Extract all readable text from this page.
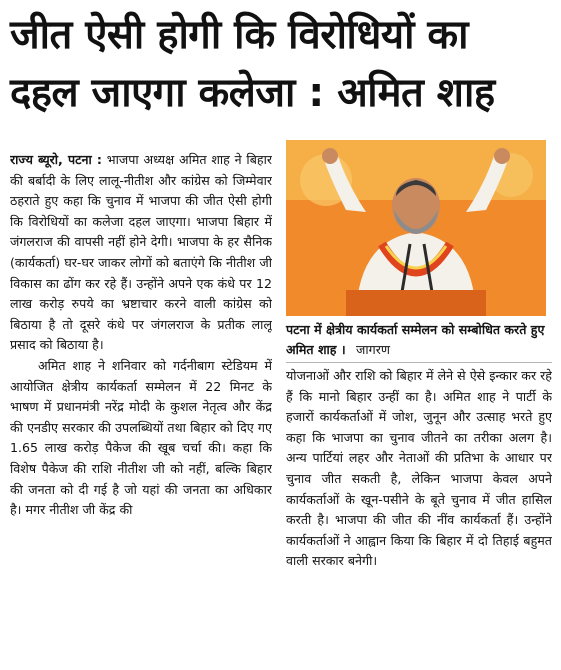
जीत ऐसी होगी कि विरोधियों का
दहल जाएगा कलेजा : अमित शाह

राज्य ब्यूरो, पटना : भाजपा अध्यक्ष अमित शाह ने बिहार की बर्बादी के लिए लालू-नीतीश और कांग्रेस को जिम्मेवार ठहराते हुए कहा कि चुनाव में भाजपा की जीत ऐसी होगी कि विरोधियों का कलेजा दहल जाएगा। भाजपा बिहार में जंगलराज की वापसी नहीं होने देगी। भाजपा के हर सैनिक (कार्यकर्ता) घर-घर जाकर लोगों को बताएंगे कि नीतीश जी विकास का ढोंग कर रहे हैं। उन्होंने अपने एक कंधे पर 12 लाख करोड़ रुपये का भ्रष्टाचार करने वाली कांग्रेस को बिठाया है तो दूसरे कंधे पर जंगलराज के प्रतीक लालू प्रसाद को बिठाया है।

अमित शाह ने शनिवार को गर्दनीबाग स्टेडियम में आयोजित क्षेत्रीय कार्यकर्ता सम्मेलन में 22 मिनट के भाषण में प्रधानमंत्री नरेंद्र मोदी के कुशल नेतृत्व और केंद्र की एनडीए सरकार की उपलब्धियों तथा बिहार को दिए गए 1.65 लाख करोड़ पैकेज की खूब चर्चा की। कहा कि विशेष पैकेज की राशि नीतीश जी को नहीं, बल्कि बिहार की जनता को दी गई है जो यहां की जनता का अधिकार है। मगर नीतीश जी केंद्र की

पटना में क्षेत्रीय कार्यकर्ता सम्मेलन को सम्बोधित करते हुए अमित शाह । जागरण

योजनाओं और राशि को बिहार में लेने से ऐसे इन्कार कर रहे हैं कि मानो बिहार उन्हीं का है। अमित शाह ने पार्टी के हजारों कार्यकर्ताओं में जोश, जुनून और उत्साह भरते हुए कहा कि भाजपा का चुनाव जीतने का तरीका अलग है। अन्य पार्टियां लहर और नेताओं की प्रतिभा के आधार पर चुनाव जीत सकती है, लेकिन भाजपा केवल अपने कार्यकर्ताओं के खून-पसीने के बूते चुनाव में जीत हासिल करती है। भाजपा की जीत की नींव कार्यकर्ता हैं। उन्होंने कार्यकर्ताओं ने आह्वान किया कि बिहार में दो तिहाई बहुमत वाली सरकार बनेगी।
